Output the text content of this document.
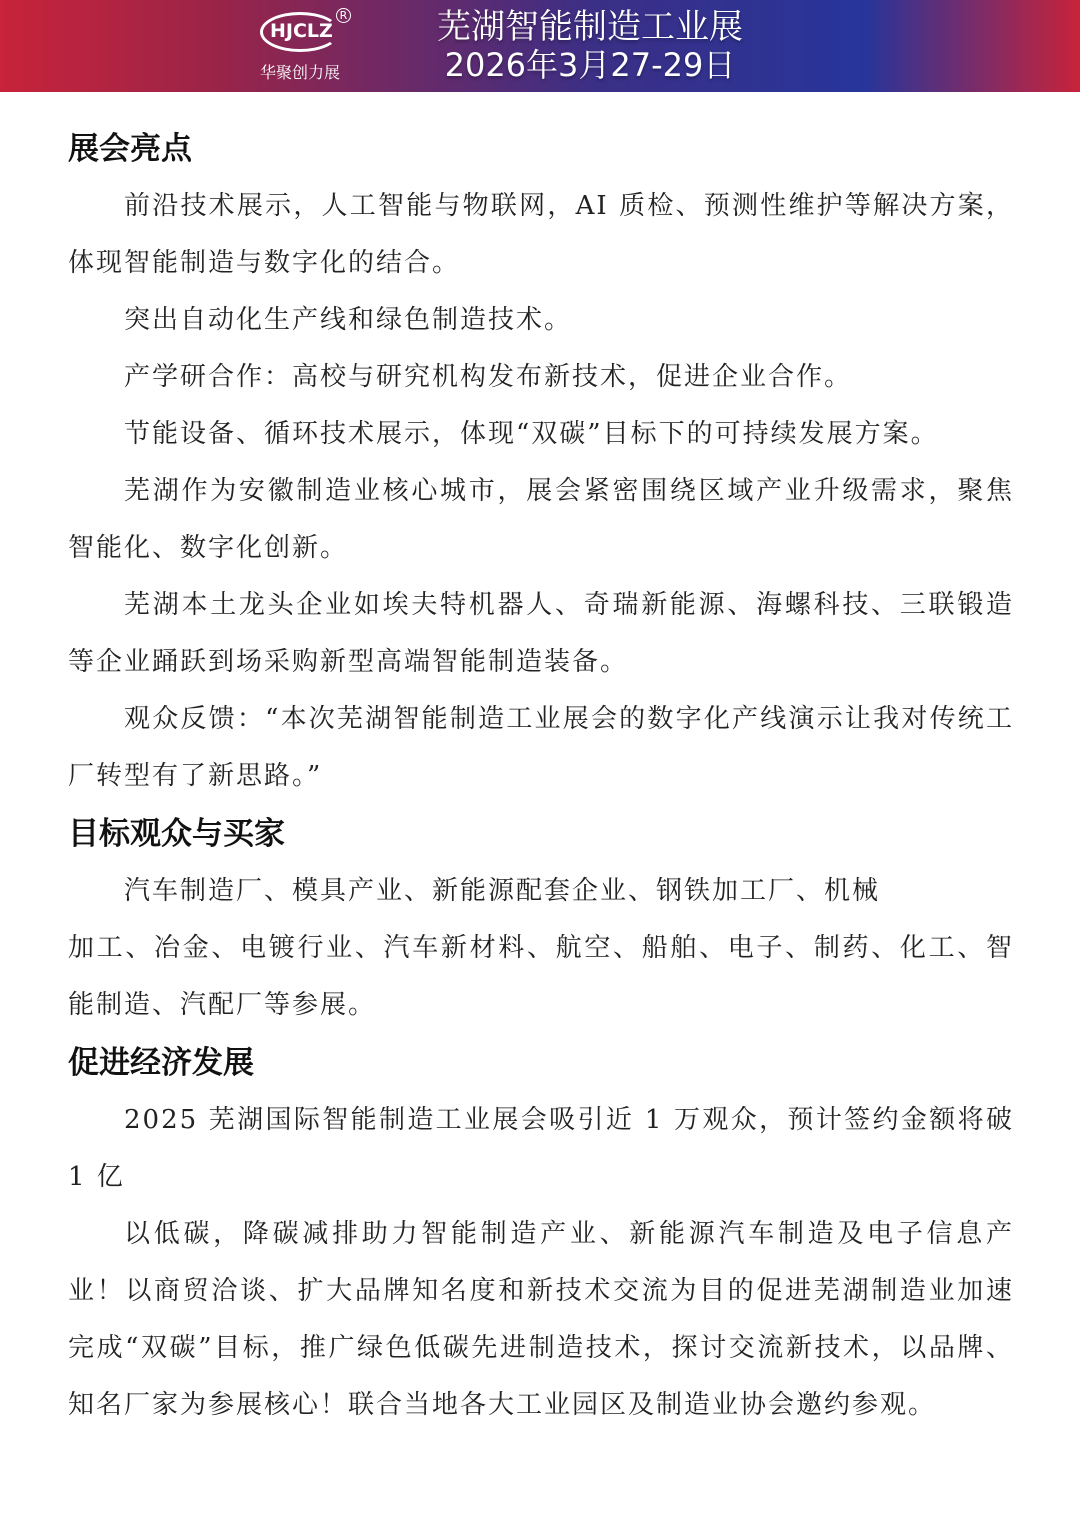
HJCLZ
R
华聚创力展
芜湖智能制造工业展
2026年3月27-29日
展会亮点

前沿技术展示，人工智能与物联网，AI 质检、预测性维护等解决方案，体现智能制造与数字化的结合。

突出自动化生产线和绿色制造技术。

产学研合作：高校与研究机构发布新技术，促进企业合作。

节能设备、循环技术展示，体现“双碳”目标下的可持续发展方案。

芜湖作为安徽制造业核心城市，展会紧密围绕区域产业升级需求，聚焦智能化、数字化创新。

芜湖本土龙头企业如埃夫特机器人、奇瑞新能源、海螺科技、三联锻造等企业踊跃到场采购新型高端智能制造装备。

观众反馈：“本次芜湖智能制造工业展会的数字化产线演示让我对传统工厂转型有了新思路。”

目标观众与买家

汽车制造厂、模具产业、新能源配套企业、钢铁加工厂、机械

加工、冶金、电镀行业、汽车新材料、航空、船舶、电子、制药、化工、智能制造、汽配厂等参展。

促进经济发展

2025 芜湖国际智能制造工业展会吸引近 1 万观众，预计签约金额将破 1 亿

以低碳，降碳减排助力智能制造产业、新能源汽车制造及电子信息产业！以商贸洽谈、扩大品牌知名度和新技术交流为目的促进芜湖制造业加速完成“双碳”目标，推广绿色低碳先进制造技术，探讨交流新技术，以品牌、知名厂家为参展核心！联合当地各大工业园区及制造业协会邀约参观。
